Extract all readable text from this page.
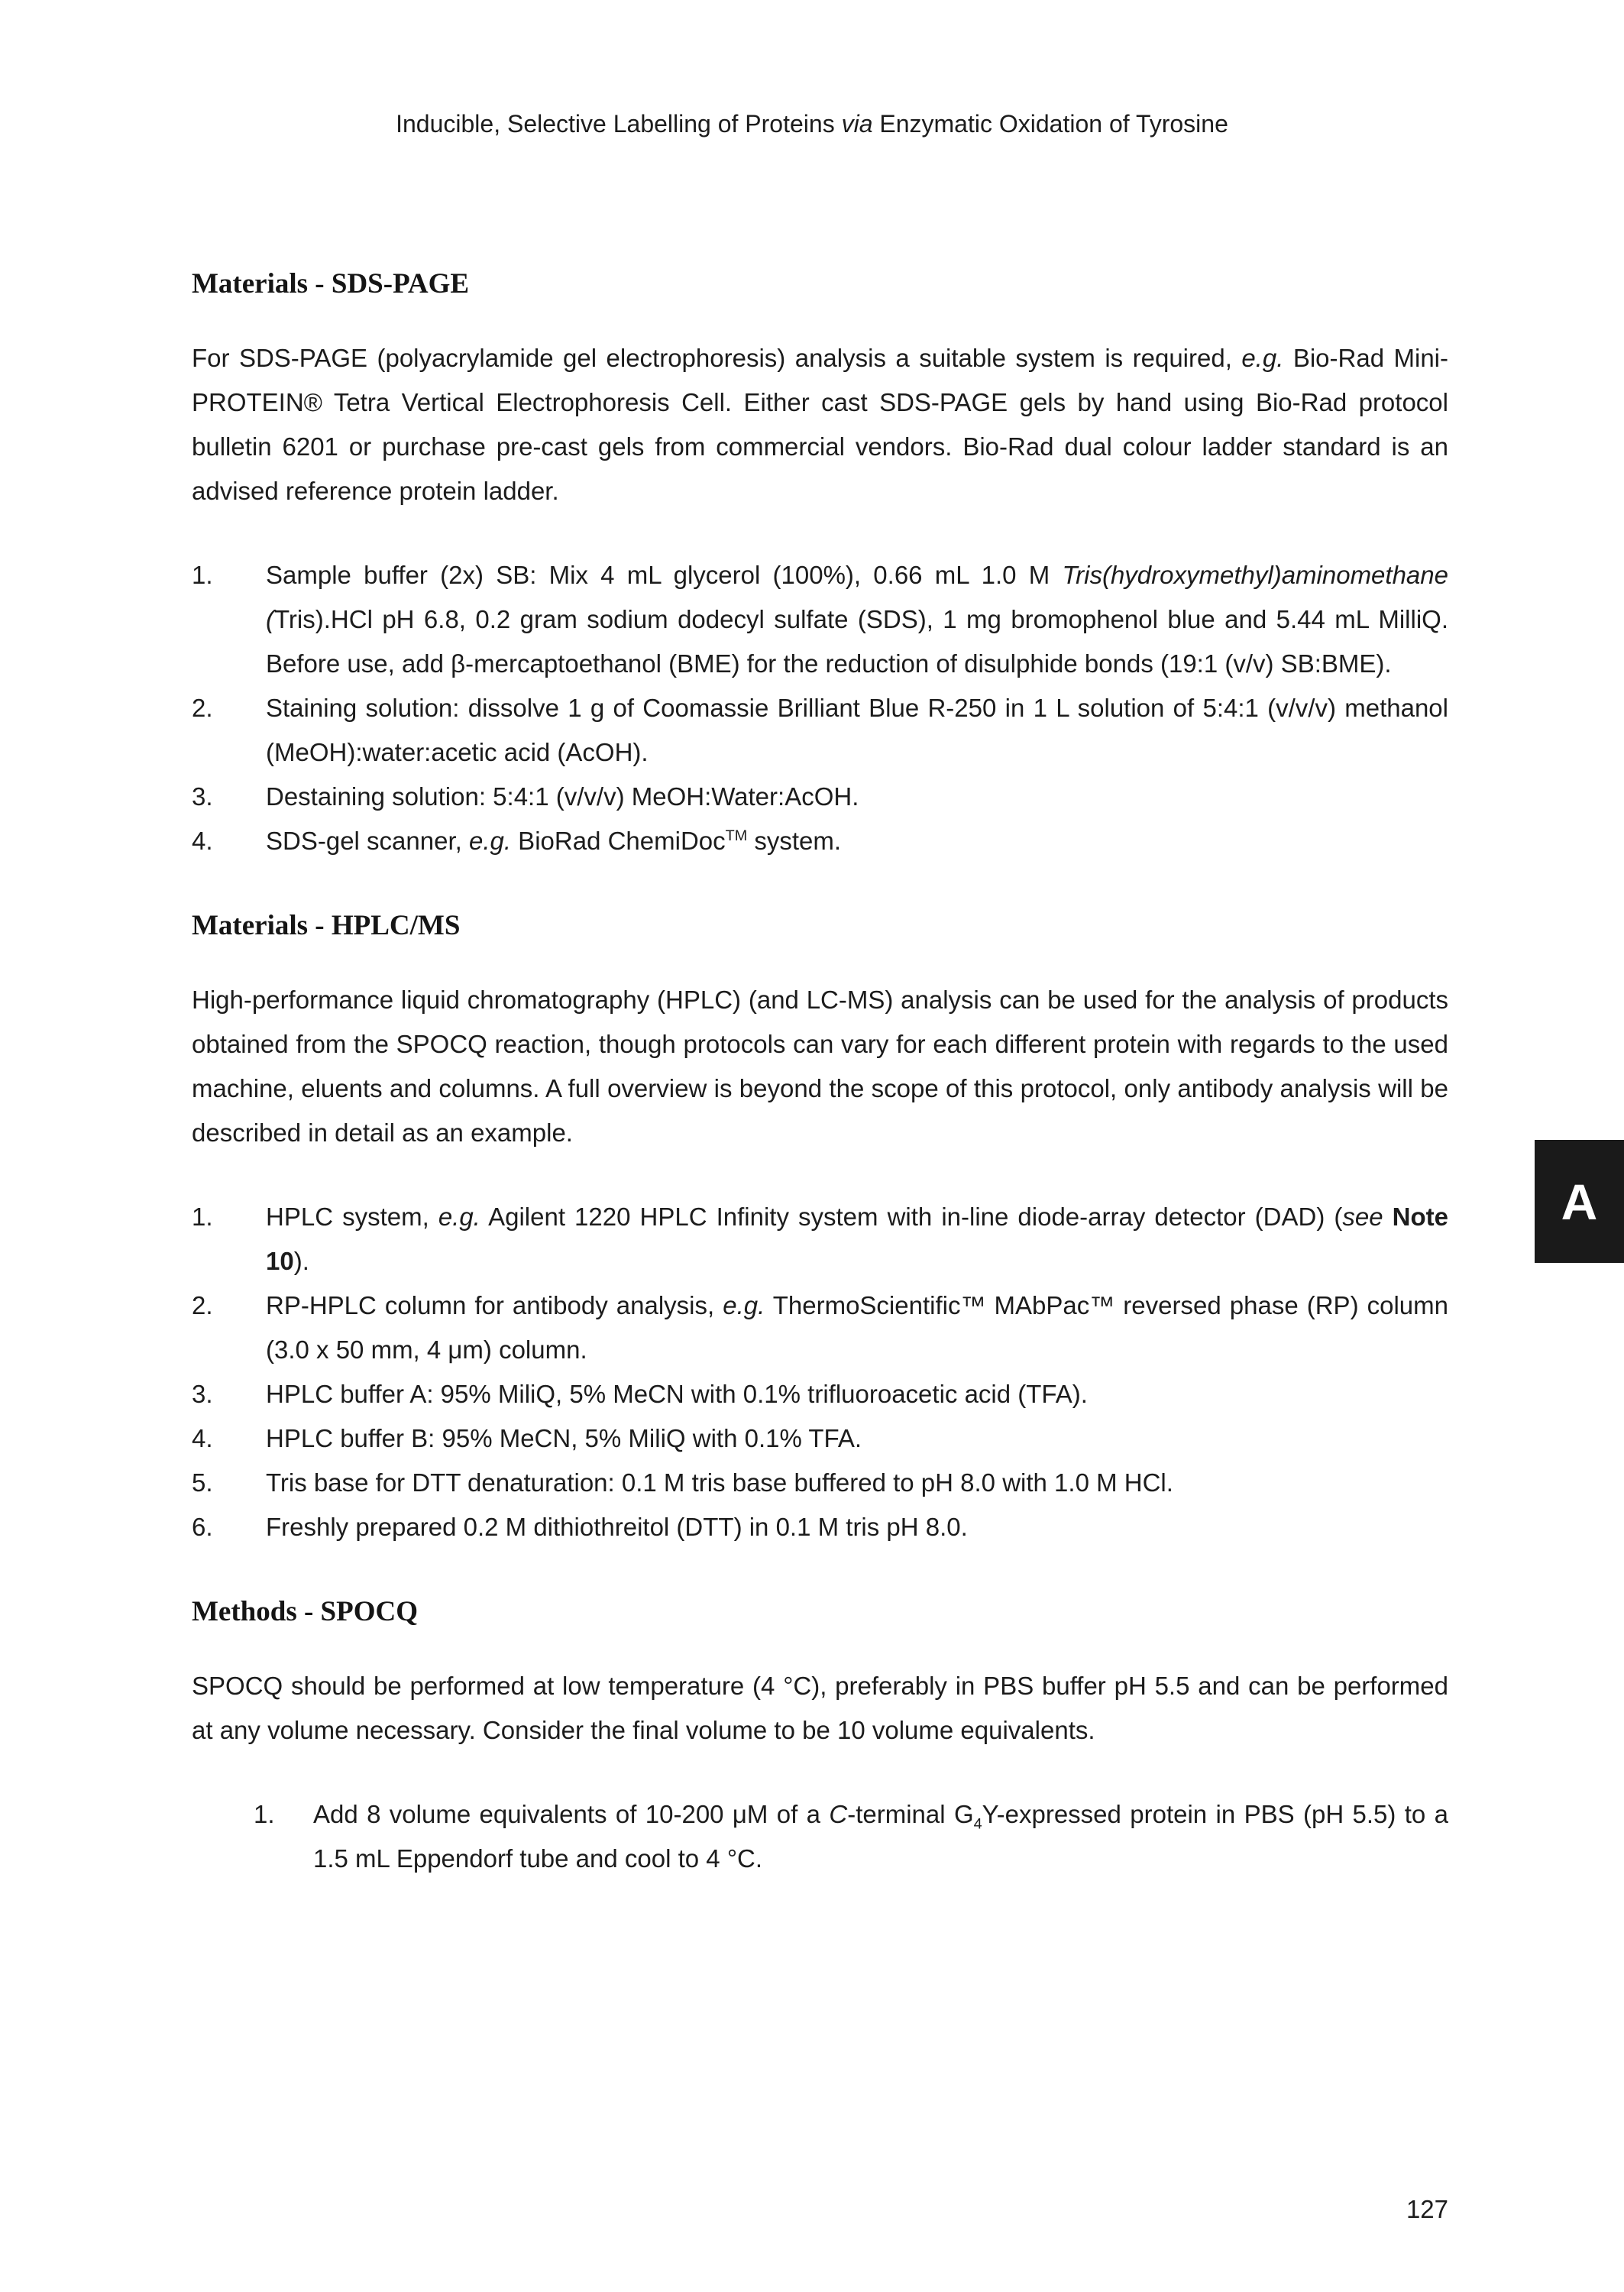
Inducible, Selective Labelling of Proteins via Enzymatic Oxidation of Tyrosine
Materials - SDS-PAGE

For SDS-PAGE (polyacrylamide gel electrophoresis) analysis a suitable system is required, e.g. Bio-Rad Mini-PROTEIN® Tetra Vertical Electrophoresis Cell. Either cast SDS-PAGE gels by hand using Bio-Rad protocol bulletin 6201 or purchase pre-cast gels from commercial vendors. Bio-Rad dual colour ladder standard is an advised reference protein ladder.

1.	Sample buffer (2x) SB: Mix 4 mL glycerol (100%), 0.66 mL 1.0 M Tris(hydroxymethyl)aminomethane (Tris).HCl pH 6.8, 0.2 gram sodium dodecyl sulfate (SDS), 1 mg bromophenol blue and 5.44 mL MilliQ. Before use, add β-mercaptoethanol (BME) for the reduction of disulphide bonds (19:1 (v/v) SB:BME).
2.	Staining solution: dissolve 1 g of Coomassie Brilliant Blue R-250 in 1 L solution of 5:4:1 (v/v/v) methanol (MeOH):water:acetic acid (AcOH).
3.	Destaining solution: 5:4:1 (v/v/v) MeOH:Water:AcOH.
4.	SDS-gel scanner, e.g. BioRad ChemiDoc™ system.
Materials - HPLC/MS

High-performance liquid chromatography (HPLC) (and LC-MS) analysis can be used for the analysis of products obtained from the SPOCQ reaction, though protocols can vary for each different protein with regards to the used machine, eluents and columns. A full overview is beyond the scope of this protocol, only antibody analysis will be described in detail as an example.

1.	HPLC system, e.g. Agilent 1220 HPLC Infinity system with in-line diode-array detector (DAD) (see Note 10).
2.	RP-HPLC column for antibody analysis, e.g. ThermoScientific™ MAbPac™ reversed phase (RP) column (3.0 x 50 mm, 4 μm) column.
3.	HPLC buffer A: 95% MiliQ, 5% MeCN with 0.1% trifluoroacetic acid (TFA).
4.	HPLC buffer B: 95% MeCN, 5% MiliQ with 0.1% TFA.
5.	Tris base for DTT denaturation: 0.1 M tris base buffered to pH 8.0 with 1.0 M HCl.
6.	Freshly prepared 0.2 M dithiothreitol (DTT) in 0.1 M tris pH 8.0.
Methods - SPOCQ

SPOCQ should be performed at low temperature (4 °C), preferably in PBS buffer pH 5.5 and can be performed at any volume necessary. Consider the final volume to be 10 volume equivalents.

1.	Add 8 volume equivalents of 10-200 μM of a C-terminal $G_4Y$-expressed protein in PBS (pH 5.5) to a 1.5 mL Eppendorf tube and cool to 4 °C.
A
127
